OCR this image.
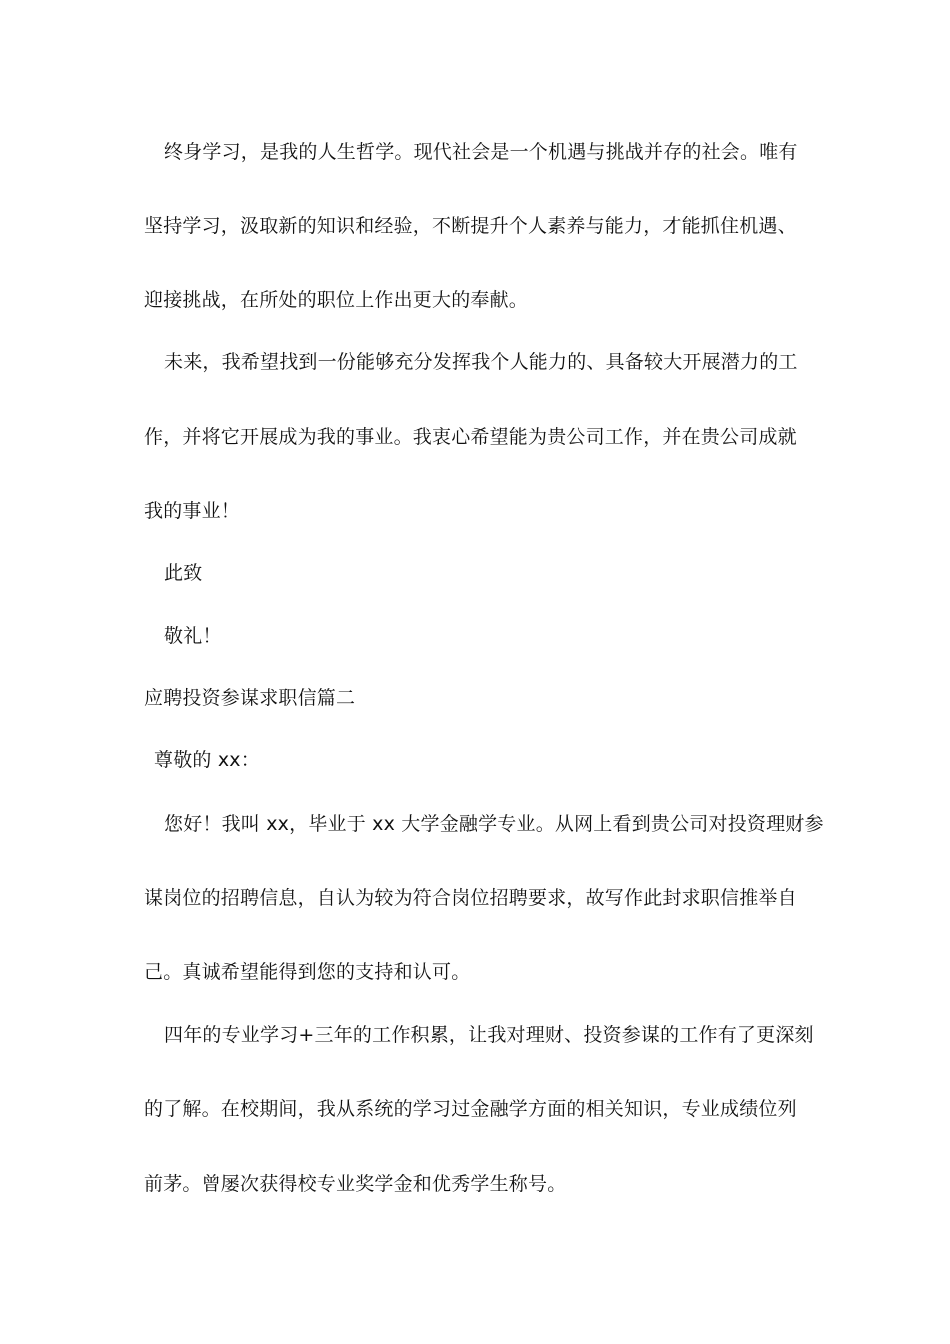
终身学习，是我的人生哲学。现代社会是一个机遇与挑战并存的社会。唯有
坚持学习，汲取新的知识和经验，不断提升个人素养与能力，才能抓住机遇、
迎接挑战，在所处的职位上作出更大的奉献。
未来，我希望找到一份能够充分发挥我个人能力的、具备较大开展潜力的工
作，并将它开展成为我的事业。我衷心希望能为贵公司工作，并在贵公司成就
我的事业！
此致
敬礼！
应聘投资参谋求职信篇二
尊敬的 xx：
您好！我叫 xx，毕业于 xx 大学金融学专业。从网上看到贵公司对投资理财参
谋岗位的招聘信息，自认为较为符合岗位招聘要求，故写作此封求职信推举自
己。真诚希望能得到您的支持和认可。
四年的专业学习+三年的工作积累，让我对理财、投资参谋的工作有了更深刻
的了解。在校期间，我从系统的学习过金融学方面的相关知识，专业成绩位列
前茅。曾屡次获得校专业奖学金和优秀学生称号。
